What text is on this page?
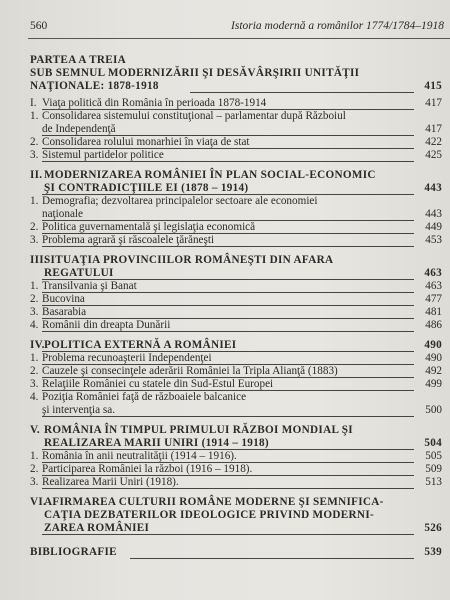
560	Istoria modernă a românilor 1774/1784–1918
PARTEA A TREIA
SUB SEMNUL MODERNIZĂRII ŞI DESĂVÂRŞIRII UNITĂŢII
NAŢIONALE: 1878-1918	415
I. Viaţa politică din România în perioada 1878-1914	417
1. Consolidarea sistemului constituţional – parlamentar după Războiul
de Independenţă	417
2. Consolidarea rolului monarhiei în viaţa de stat	422
3. Sistemul partidelor politice	425
II. MODERNIZAREA ROMÂNIEI ÎN PLAN SOCIAL-ECONOMIC
ŞI CONTRADICŢIILE EI (1878 – 1914)	443
1. Demografia; dezvoltarea principalelor sectoare ale economiei
naţionale	443
2. Politica guvernamentală şi legislaţia economică	449
3. Problema agrară şi răscoalele ţărăneşti	453
III.
SITUAŢIA PROVINCIILOR ROMÂNEŞTI DIN AFARA
REGATULUI	463
1. Transilvania şi Banat	463
2. Bucovina	477
3. Basarabia	481
4. Românii din dreapta Dunării	486
IV. POLITICA EXTERNĂ A ROMÂNIEI	490
1. Problema recunoaşterii Independenţei	490
2. Cauzele şi consecinţele aderării României la Tripla Alianţă (1883)	492
3. Relaţiile României cu statele din Sud-Estul Europei	499
4. Poziţia României faţă de războaiele balcanice
şi intervenţia sa.	500
V. ROMÂNIA ÎN TIMPUL PRIMULUI RĂZBOI MONDIAL ŞI
REALIZAREA MARII UNIRI (1914 – 1918)	504
1. România în anii neutralităţii (1914 – 1916).	505
2. Participarea României la război (1916 – 1918).	509
3. Realizarea Marii Uniri (1918).	513
VI.
AFIRMAREA CULTURII ROMÂNE MODERNE ŞI SEMNIFICA-
CAŢIA DEZBATERILOR IDEOLOGICE PRIVIND MODERNI-
ZAREA ROMÂNIEI	526
BIBLIOGRAFIE	539
